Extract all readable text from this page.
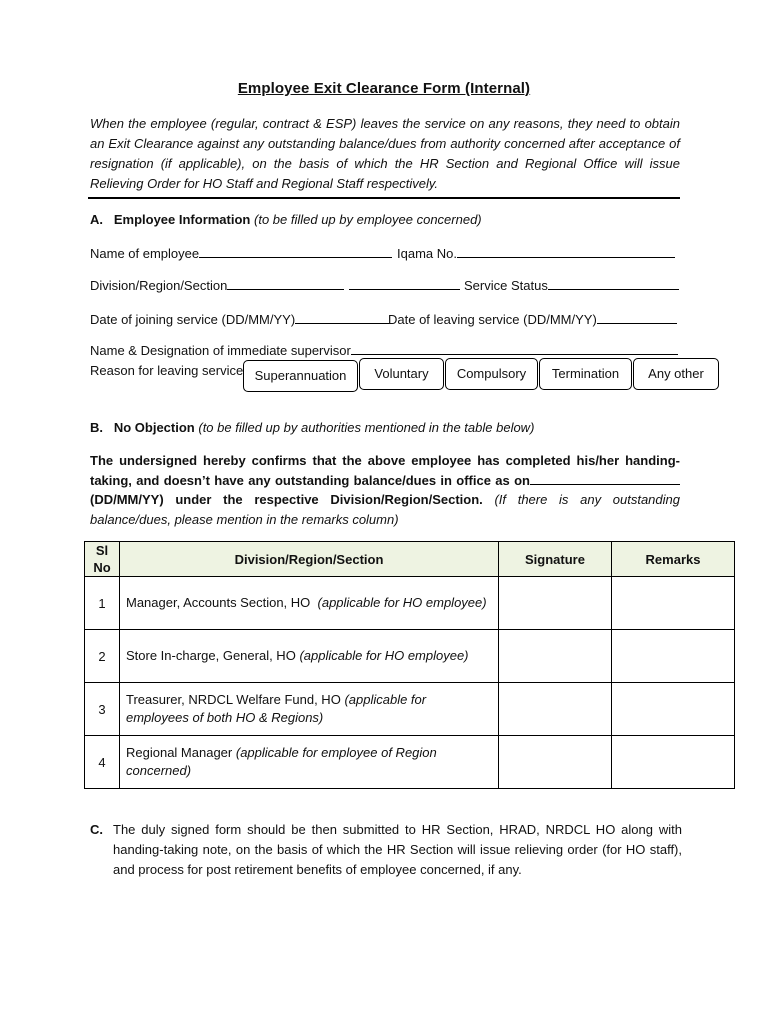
Employee Exit Clearance Form (Internal)
When the employee (regular, contract & ESP) leaves the service on any reasons, they need to obtain an Exit Clearance against any outstanding balance/dues from authority concerned after acceptance of resignation (if applicable), on the basis of which the HR Section and Regional Office will issue Relieving Order for HO Staff and Regional Staff respectively.
A. Employee Information (to be filled up by employee concerned)
Name of employee	Iqama No.
Division/Region/Section	Service Status
Date of joining service (DD/MM/YY)	Date of leaving service (DD/MM/YY)
Name & Designation of immediate supervisor
Reason for leaving service Superannuation	Voluntary	Compulsory	Termination	Any other
B. No Objection (to be filled up by authorities mentioned in the table below)
The undersigned hereby confirms that the above employee has completed his/her handing-taking, and doesn’t have any outstanding balance/dues in office as on(DD/MM/YY) under the respective Division/Region/Section. (If there is any outstanding balance/dues, please mention in the remarks column)
Sl No	Division/Region/Section	Signature	Remarks
1	Manager, Accounts Section, HO (applicable for HO employee)		
2	Store In-charge, General, HO (applicable for HO employee)		
3	Treasurer, NRDCL Welfare Fund, HO (applicable for employees of both HO & Regions)		
4	Regional Manager (applicable for employee of Region concerned)		
C. The duly signed form should be then submitted to HR Section, HRAD, NRDCL HO along with handing-taking note, on the basis of which the HR Section will issue relieving order (for HO staff), and process for post retirement benefits of employee concerned, if any.
